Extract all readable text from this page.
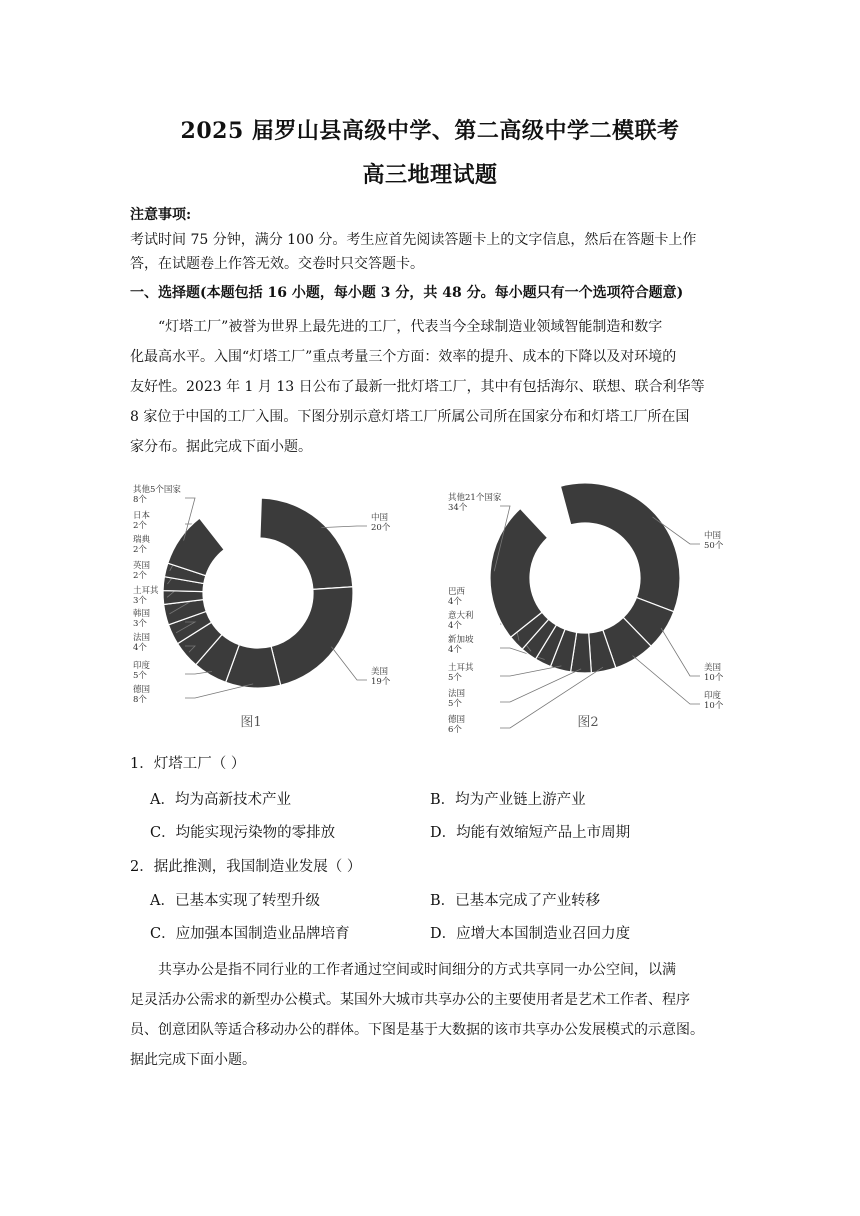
2025 届罗山县高级中学、第二高级中学二模联考
高三地理试题
注意事项:

考试时间 75 分钟，满分 100 分。考生应首先阅读答题卡上的文字信息，然后在答题卡上作

答，在试题卷上作答无效。交卷时只交答题卡。

一、选择题(本题包括 16 小题，每小题 3 分，共 48 分。每小题只有一个选项符合题意)

“灯塔工厂”被誉为世界上最先进的工厂，代表当今全球制造业领域智能制造和数字

化最高水平。入围“灯塔工厂”重点考量三个方面：效率的提升、成本的下降以及对环境的

友好性。2023 年 1 月 13 日公布了最新一批灯塔工厂，其中有包括海尔、联想、联合利华等

8 家位于中国的工厂入围。下图分别示意灯塔工厂所属公司所在国家分布和灯塔工厂所在国

家分布。据此完成下面小题。

中国
20个
美国
19个
德国
8个
印度
5个
法国
4个
韩国
3个
土耳其
3个
英国
2个
瑞典
2个
日本
2个
其他5个国家
8个
图1
中国
50个
美国
10个
印度
10个
德国
6个
法国
5个
土耳其
5个
新加坡
4个
意大利
4个
巴西
4个
其他21个国家
34个
图2
1．灯塔工厂（ ）
A．均为高新技术产业	B．均为产业链上游产业
C．均能实现污染物的零排放	D．均能有效缩短产品上市周期
2．据此推测，我国制造业发展（ ）
A．已基本实现了转型升级	B．已基本完成了产业转移
C．应加强本国制造业品牌培育	D．应增大本国制造业召回力度

共享办公是指不同行业的工作者通过空间或时间细分的方式共享同一办公空间，以满

足灵活办公需求的新型办公模式。某国外大城市共享办公的主要使用者是艺术工作者、程序

员、创意团队等适合移动办公的群体。下图是基于大数据的该市共享办公发展模式的示意图。

据此完成下面小题。
